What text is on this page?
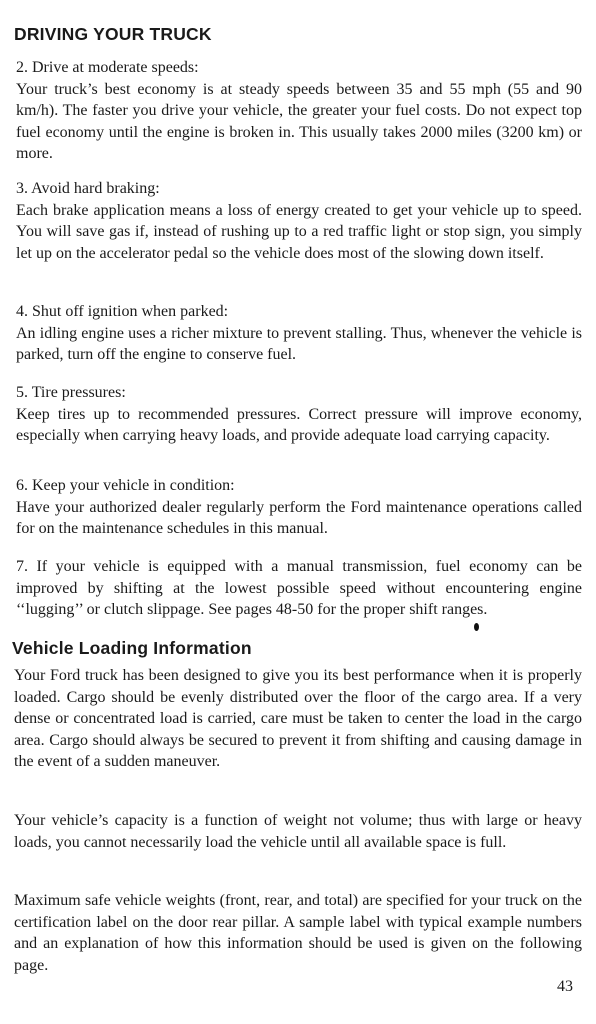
DRIVING YOUR TRUCK
2. Drive at moderate speeds:

Your truck’s best economy is at steady speeds between 35 and 55 mph (55 and 90 km/h). The faster you drive your vehicle, the greater your fuel costs. Do not expect top fuel economy until the engine is broken in. This usually takes 2000 miles (3200 km) or more.

3. Avoid hard braking:

Each brake application means a loss of energy created to get your vehicle up to speed. You will save gas if, instead of rushing up to a red traffic light or stop sign, you simply let up on the accelerator pedal so the vehicle does most of the slowing down itself.

4. Shut off ignition when parked:

An idling engine uses a richer mixture to prevent stalling. Thus, whenever the vehicle is parked, turn off the engine to conserve fuel.

5. Tire pressures:

Keep tires up to recommended pressures. Correct pressure will improve economy, especially when carrying heavy loads, and provide adequate load carrying capacity.

6. Keep your vehicle in condition:

Have your authorized dealer regularly perform the Ford maintenance operations called for on the maintenance schedules in this manual.

7. If your vehicle is equipped with a manual transmission, fuel economy can be improved by shifting at the lowest possible speed without encountering engine ‘‘lugging’’ or clutch slippage. See pages 48-50 for the proper shift ranges.

Vehicle Loading Information

Your Ford truck has been designed to give you its best performance when it is properly loaded. Cargo should be evenly distributed over the floor of the cargo area. If a very dense or concentrated load is carried, care must be taken to center the load in the cargo area. Cargo should always be secured to prevent it from shifting and causing damage in the event of a sudden maneuver.

Your vehicle’s capacity is a function of weight not volume; thus with large or heavy loads, you cannot necessarily load the vehicle until all available space is full.

Maximum safe vehicle weights (front, rear, and total) are specified for your truck on the certification label on the door rear pillar. A sample label with typical example numbers and an explanation of how this information should be used is given on the following page.

43
